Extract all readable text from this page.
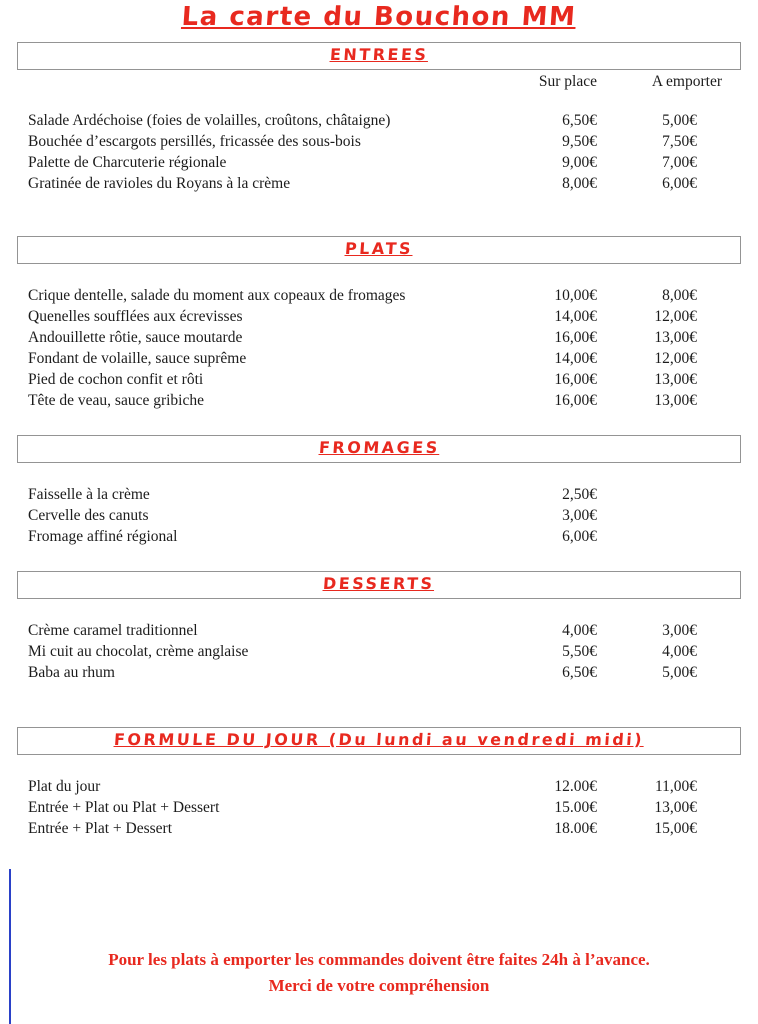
La carte du Bouchon MM
ENTREES
Sur place	A emporter
Salade Ardéchoise (foies de volailles, croûtons, châtaigne)	6,50€	5,00€
Bouchée d’escargots persillés, fricassée des sous-bois	9,50€	7,50€
Palette de Charcuterie régionale	9,00€	7,00€
Gratinée de ravioles du Royans à la crème	8,00€	6,00€
PLATS
Crique dentelle, salade du moment aux copeaux de fromages	10,00€	8,00€
Quenelles soufflées aux écrevisses	14,00€	12,00€
Andouillette rôtie, sauce moutarde	16,00€	13,00€
Fondant de volaille, sauce suprême	14,00€	12,00€
Pied de cochon confit et rôti	16,00€	13,00€
Tête de veau, sauce gribiche	16,00€	13,00€
FROMAGES
Faisselle à la crème	2,50€
Cervelle des canuts	3,00€
Fromage affiné régional	6,00€
DESSERTS
Crème caramel traditionnel	4,00€	3,00€
Mi cuit au chocolat, crème anglaise	5,50€	4,00€
Baba au rhum	6,50€	5,00€
FORMULE DU JOUR (Du lundi au vendredi midi)
Plat du jour	12.00€	11,00€
Entrée + Plat ou Plat + Dessert	15.00€	13,00€
Entrée + Plat + Dessert	18.00€	15,00€
Pour les plats à emporter les commandes doivent être faites 24h à l’avance.
Merci de votre compréhension
